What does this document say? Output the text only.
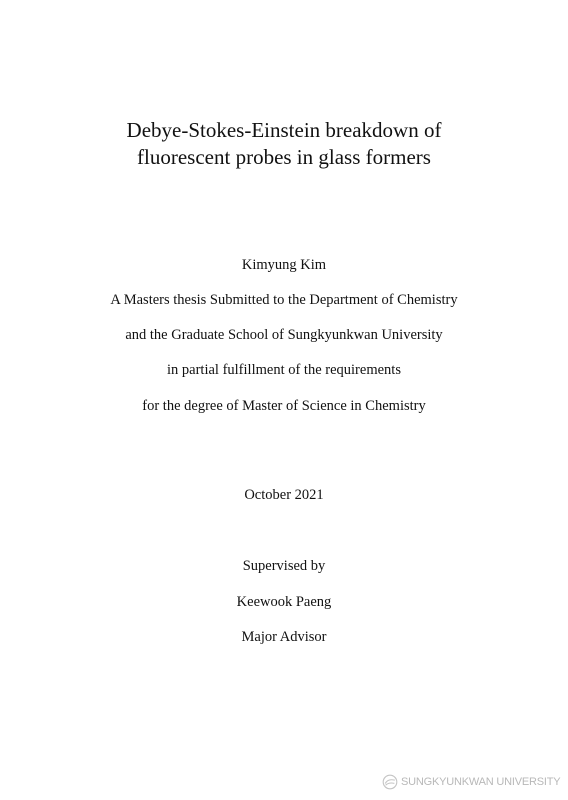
Debye-Stokes-Einstein breakdown of
fluorescent probes in glass formers
Kimyung Kim
A Masters thesis Submitted to the Department of Chemistry
and the Graduate School of Sungkyunkwan University
in partial fulfillment of the requirements
for the degree of Master of Science in Chemistry
October 2021
Supervised by
Keewook Paeng
Major Advisor
SUNGKYUNKWAN UNIVERSITY
